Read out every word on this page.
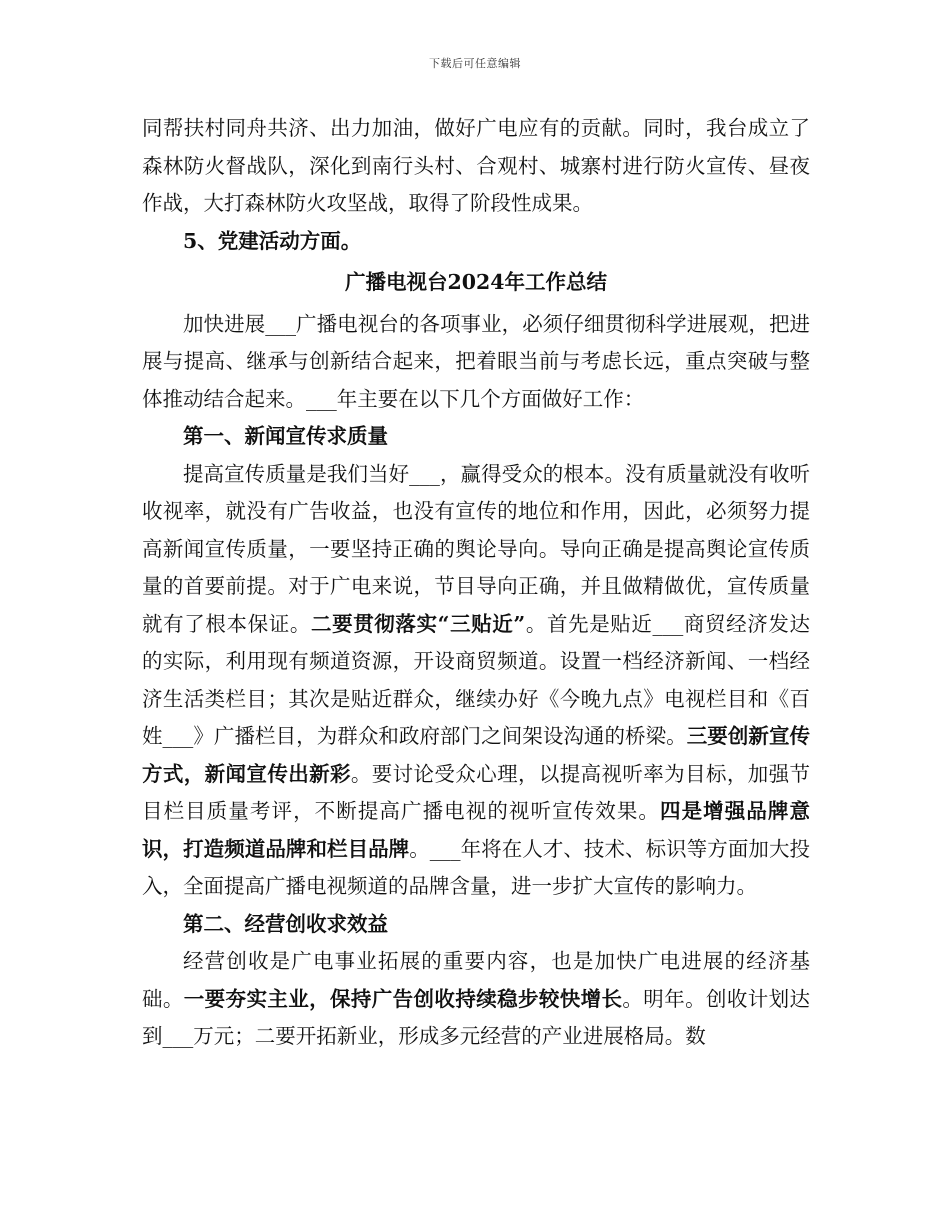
下载后可任意编辑

同帮扶村同舟共济、出力加油，做好广电应有的贡献。同时，我台成立了森林防火督战队，深化到南行头村、合观村、城寨村进行防火宣传、昼夜作战，大打森林防火攻坚战，取得了阶段性成果。

5、党建活动方面。

广播电视台2024年工作总结

加快进展___广播电视台的各项事业，必须仔细贯彻科学进展观，把进展与提高、继承与创新结合起来，把着眼当前与考虑长远，重点突破与整体推动结合起来。___年主要在以下几个方面做好工作：

第一、新闻宣传求质量

提高宣传质量是我们当好___，赢得受众的根本。没有质量就没有收听收视率，就没有广告收益，也没有宣传的地位和作用，因此，必须努力提高新闻宣传质量，一要坚持正确的舆论导向。导向正确是提高舆论宣传质量的首要前提。对于广电来说，节目导向正确，并且做精做优，宣传质量就有了根本保证。二要贯彻落实“三贴近”。首先是贴近___商贸经济发达的实际，利用现有频道资源，开设商贸频道。设置一档经济新闻、一档经济生活类栏目；其次是贴近群众，继续办好《今晚九点》电视栏目和《百姓___》广播栏目，为群众和政府部门之间架设沟通的桥梁。三要创新宣传方式，新闻宣传出新彩。要讨论受众心理，以提高视听率为目标，加强节目栏目质量考评，不断提高广播电视的视听宣传效果。四是增强品牌意识，打造频道品牌和栏目品牌。___年将在人才、技术、标识等方面加大投入，全面提高广播电视频道的品牌含量，进一步扩大宣传的影响力。

第二、经营创收求效益

经营创收是广电事业拓展的重要内容，也是加快广电进展的经济基础。一要夯实主业，保持广告创收持续稳步较快增长。明年。创收计划达到___万元；二要开拓新业，形成多元经营的产业进展格局。数
